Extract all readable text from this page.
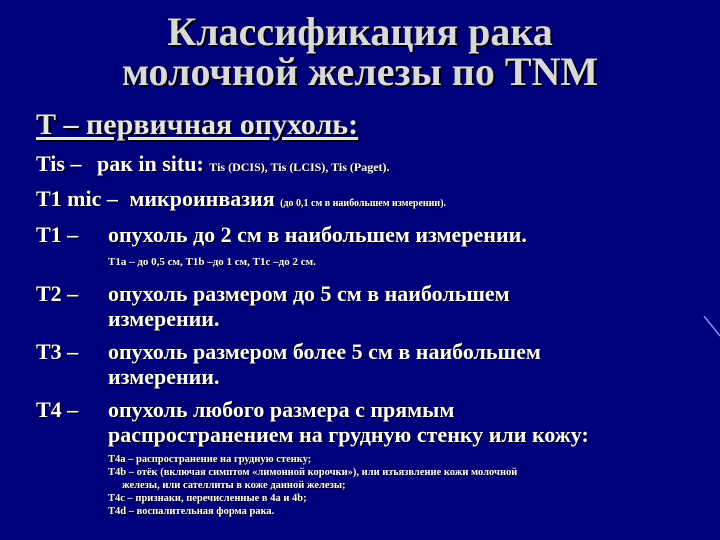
Классификация рака
молочной железы по TNM
Т – первичная опухоль:
Tis – рак in situ: Tis (DCIS), Tis (LCIS), Tis (Paget).
T1 mic – микроинвазия (до 0,1 см в наибольшем измерении).
Т1 – опухоль до 2 см в наибольшем измерении.
Т1а – до 0,5 см, Т1b –до 1 см, Т1с –до 2 см.
Т2 – опухоль размером до 5 см в наибольшем
измерении.
Т3 – опухоль размером более 5 см в наибольшем
измерении.
Т4 – опухоль любого размера с прямым
распространением на грудную стенку или кожу:
Т4а – распространение на грудную стенку;
Т4b – отёк (включая симптом «лимонной корочки»), или изъязвление кожи молочной
железы, или сателлиты в коже данной железы;
Т4с – признаки, перечисленные в 4а и 4b;
Т4d – воспалительная форма рака.
